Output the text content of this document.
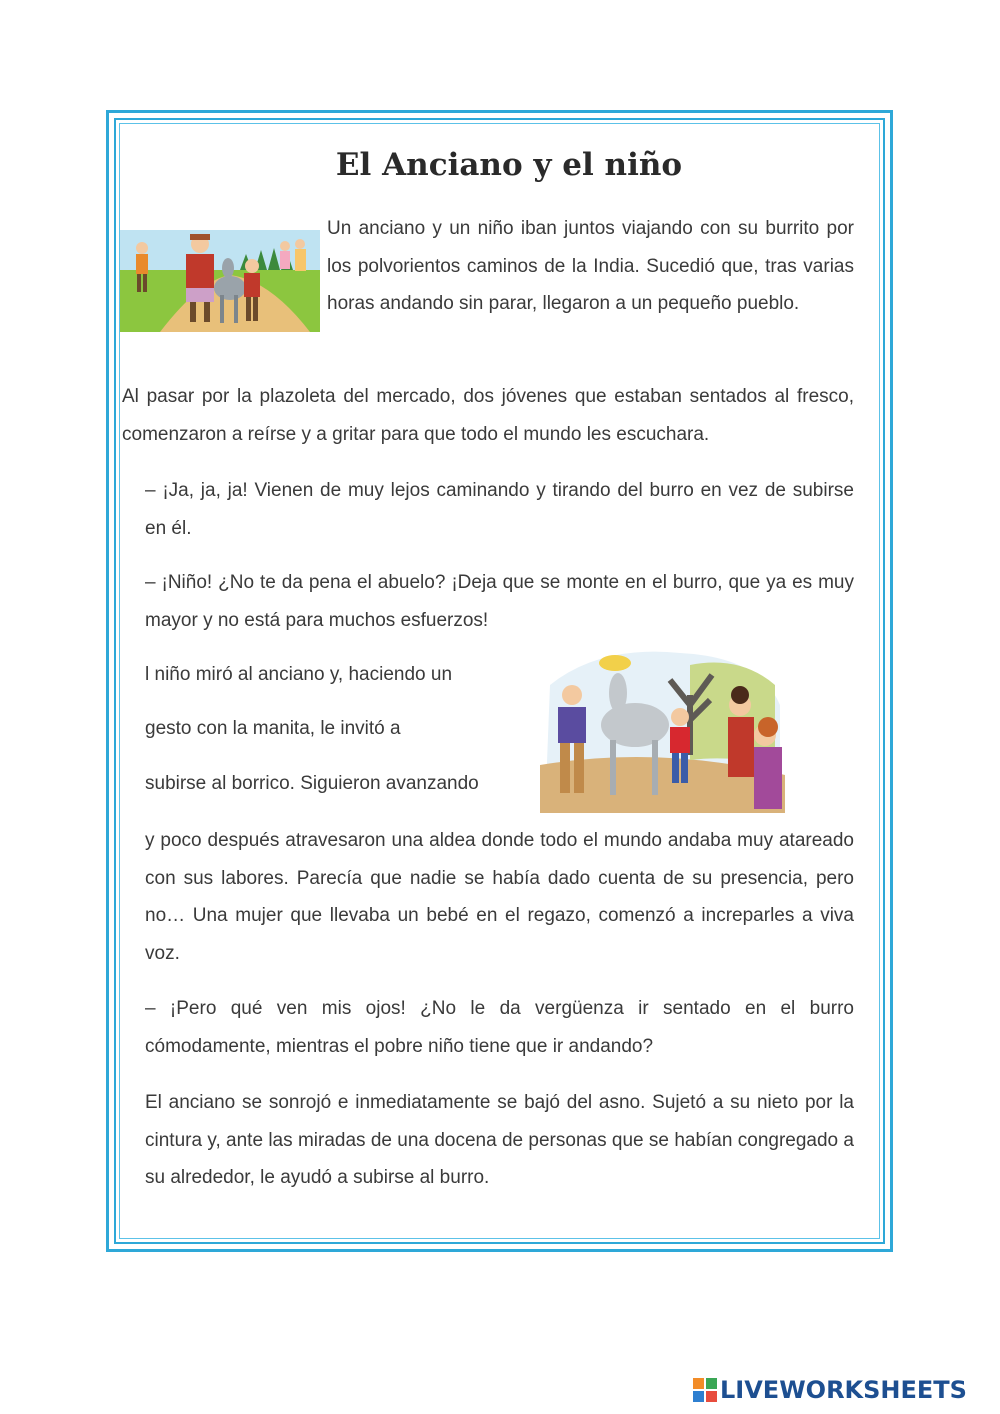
El Anciano y el niño

Un anciano y un niño iban juntos viajando con su burrito por los polvorientos caminos de la India. Sucedió que, tras varias horas andando sin parar, llegaron a un pequeño pueblo.

Al pasar por la plazoleta del mercado, dos jóvenes que estaban sentados al fresco, comenzaron a reírse y a gritar para que todo el mundo les escuchara.

– ¡Ja, ja, ja! Vienen de muy lejos caminando y tirando del burro en vez de subirse en él.

– ¡Niño! ¿No te da pena el abuelo? ¡Deja que se monte en el burro, que ya es muy mayor y no está para muchos esfuerzos!

l niño miró al anciano y, haciendo un

gesto con la manita, le invitó a

subirse al borrico. Siguieron avanzando

y poco después atravesaron una aldea donde todo el mundo andaba muy atareado con sus labores. Parecía que nadie se había dado cuenta de su presencia, pero no… Una mujer que llevaba un bebé en el regazo, comenzó a increparles a viva voz.

– ¡Pero qué ven mis ojos! ¿No le da vergüenza ir sentado en el burro cómodamente, mientras el pobre niño tiene que ir andando?

El anciano se sonrojó e inmediatamente se bajó del asno. Sujetó a su nieto por la cintura y, ante las miradas de una docena de personas que se habían congregado a su alrededor, le ayudó a subirse al burro.

LIVEWORKSHEETS
